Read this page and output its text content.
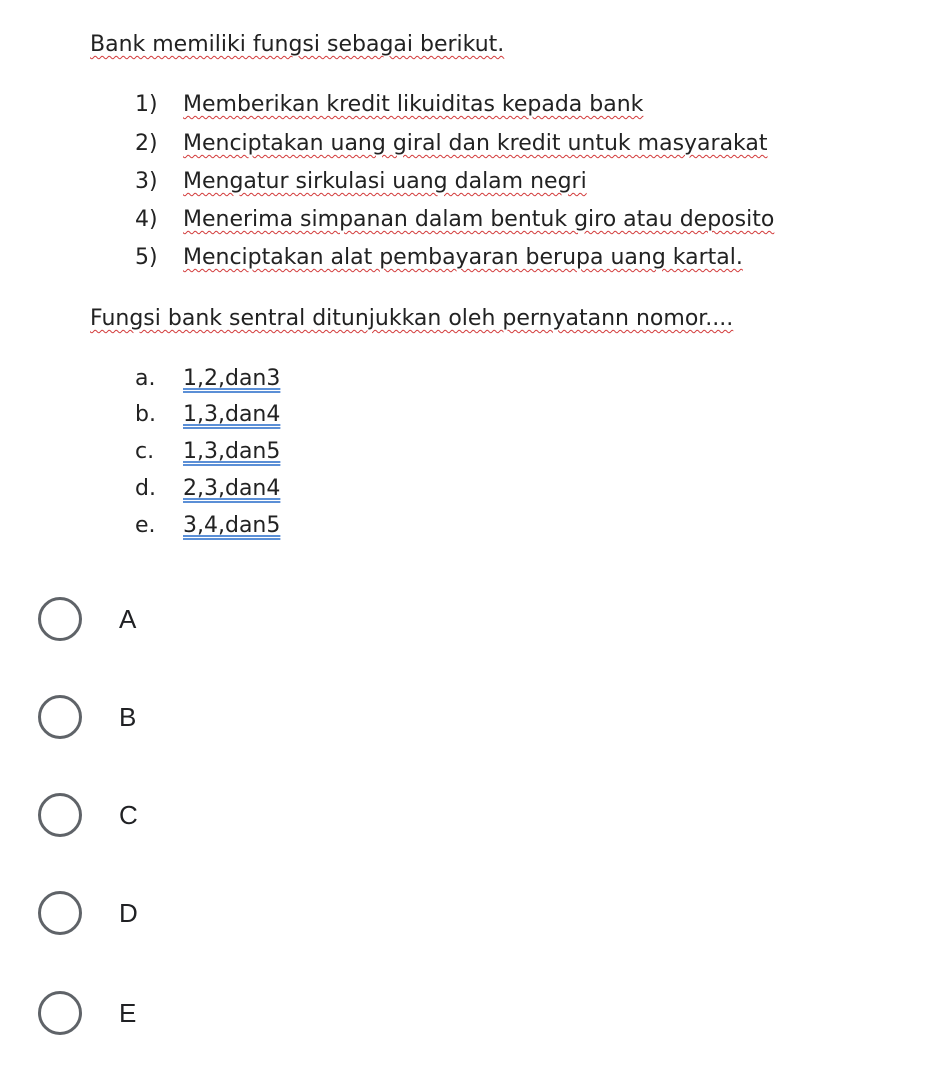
Bank memiliki fungsi sebagai berikut.
1) Memberikan kredit likuiditas kepada bank
2) Menciptakan uang giral dan kredit untuk masyarakat
3) Mengatur sirkulasi uang dalam negri
4) Menerima simpanan dalam bentuk giro atau deposito
5) Menciptakan alat pembayaran berupa uang kartal.
Fungsi bank sentral ditunjukkan oleh pernyatann nomor....
a. 1,2,dan3
b. 1,3,dan4
c. 1,3,dan5
d. 2,3,dan4
e. 3,4,dan5
A
B
C
D
E
